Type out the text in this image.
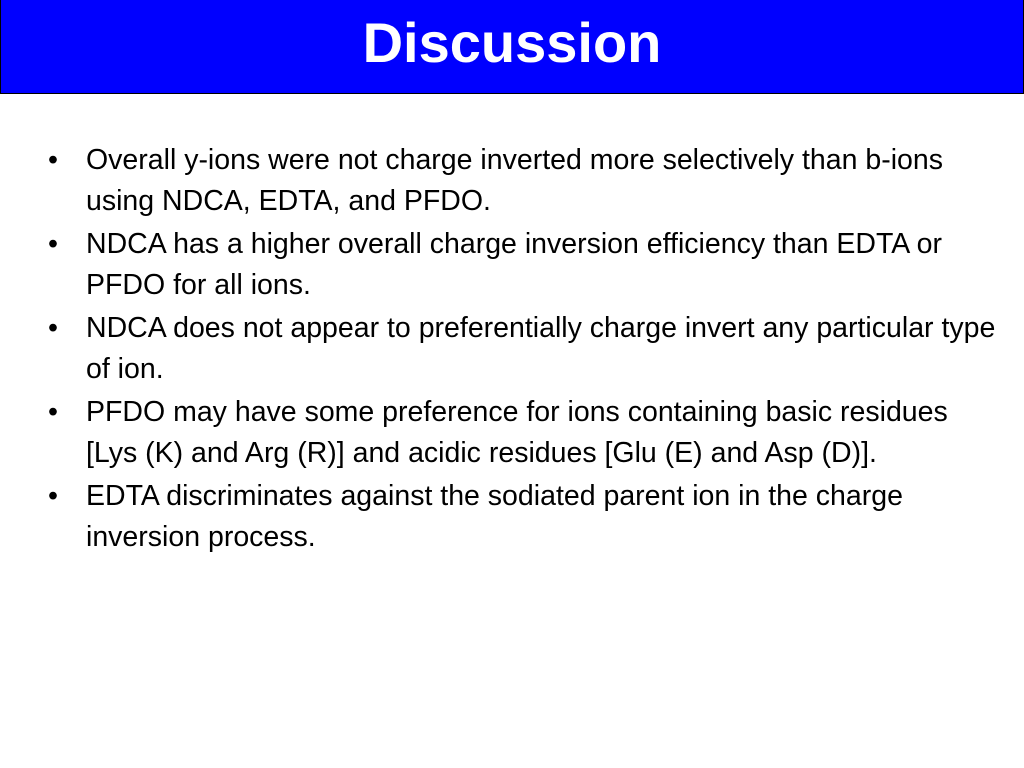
Discussion
• Overall y-ions were not charge inverted more selectively than b-ions using NDCA, EDTA, and PFDO.
• NDCA has a higher overall charge inversion efficiency than EDTA or PFDO for all ions.
• NDCA does not appear to preferentially charge invert any particular type of ion.
• PFDO may have some preference for ions containing basic residues [Lys (K) and Arg (R)] and acidic residues [Glu (E) and Asp (D)].
• EDTA discriminates against the sodiated parent ion in the charge inversion process.
